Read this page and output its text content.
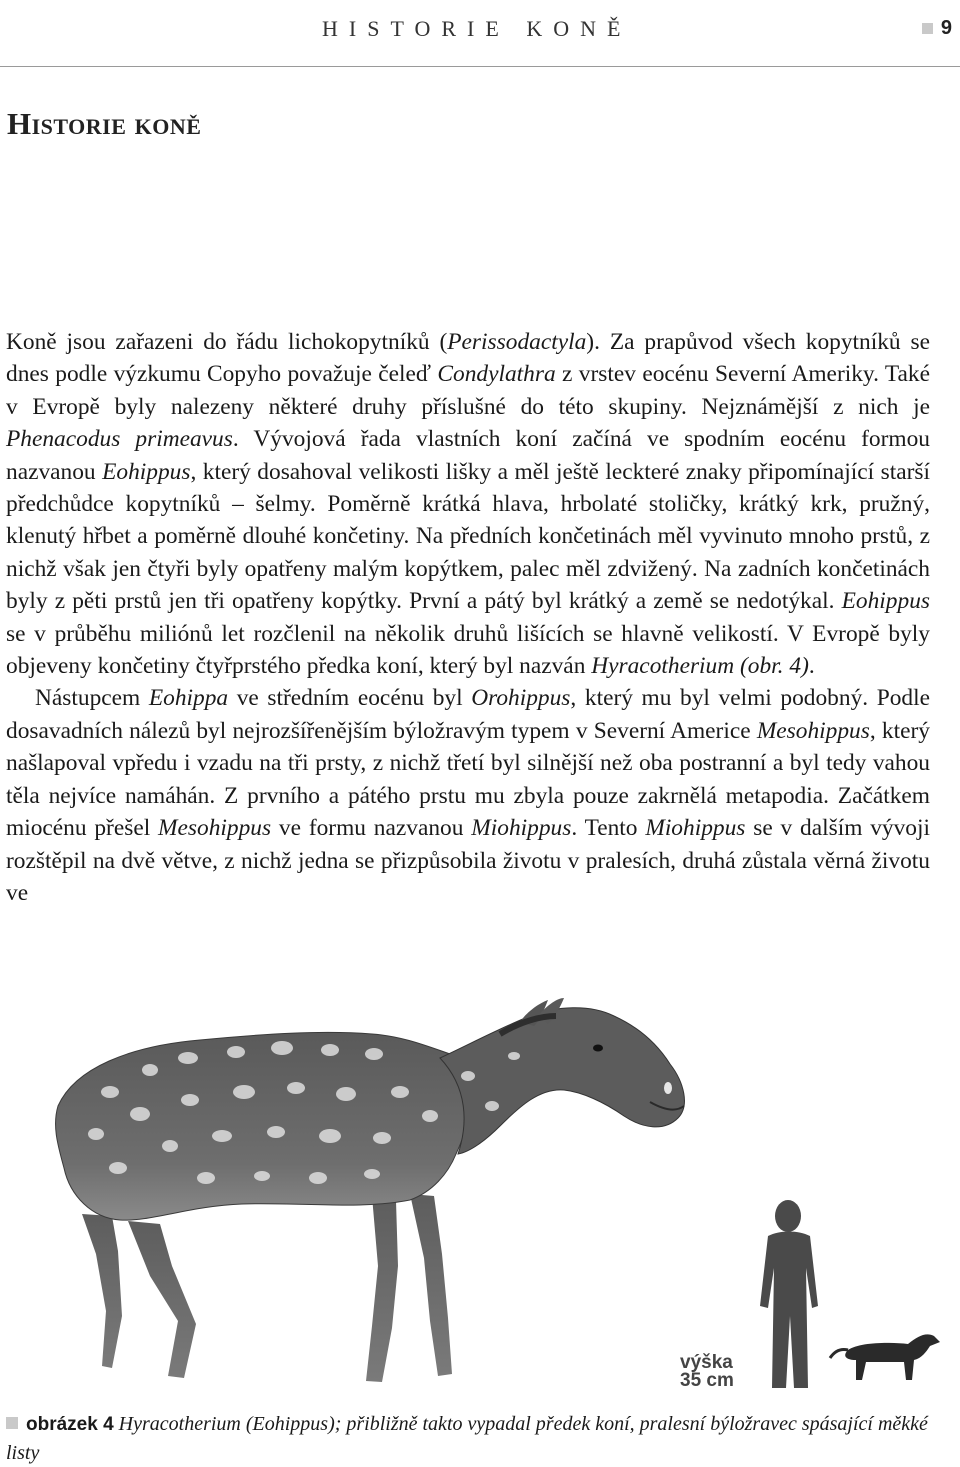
HISTORIE KONĚ	9
Historie koně

Koně jsou zařazeni do řádu lichokopytníků (Perissodactyla). Za prapůvod všech kopytníků se dnes podle výzkumu Copyho považuje čeleď Condylathra z vrstev eocénu Severní Ameriky. Také v Evropě byly nalezeny některé druhy příslušné do této skupiny. Nejznámější z nich je Phenacodus primeavus. Vývojová řada vlastních koní začíná ve spodním eocénu formou nazvanou Eohippus, který dosahoval velikosti lišky a měl ještě leckteré znaky připomínající starší předchůdce kopytníků – šelmy. Poměrně krátká hlava, hrbolaté stoličky, krátký krk, pružný, klenutý hřbet a poměrně dlouhé končetiny. Na předních končetinách měl vyvinuto mnoho prstů, z nichž však jen čtyři byly opatřeny malým kopýtkem, palec měl zdvižený. Na zadních končetinách byly z pěti prstů jen tři opatřeny kopýtky. První a pátý byl krátký a země se nedotýkal. Eohippus se v průběhu miliónů let rozčlenil na několik druhů lišících se hlavně velikostí. V Evropě byly objeveny končetiny čtyřprstého předka koní, který byl nazván Hyracotherium (obr. 4).

Nástupcem Eohippa ve středním eocénu byl Orohippus, který mu byl velmi podobný. Podle dosavadních nálezů byl nejrozšířenějším býložravým typem v Severní Americe Mesohippus, který našlapoval vpředu i vzadu na tři prsty, z nichž třetí byl silnější než oba postranní a byl tedy vahou těla nejvíce namáhán. Z prvního a pátého prstu mu zbyla pouze zakrnělá metapodia. Začátkem miocénu přešel Mesohippus ve formu nazvanou Miohippus. Tento Miohippus se v dalším vývoji rozštěpil na dvě větve, z nichž jedna se přizpůsobila životu v pralesích, druhá zůstala věrná životu ve

výška
35 cm

obrázek 4 Hyracotherium (Eohippus); přibližně takto vypadal předek koní, pralesní býložravec spásající měkké listy
